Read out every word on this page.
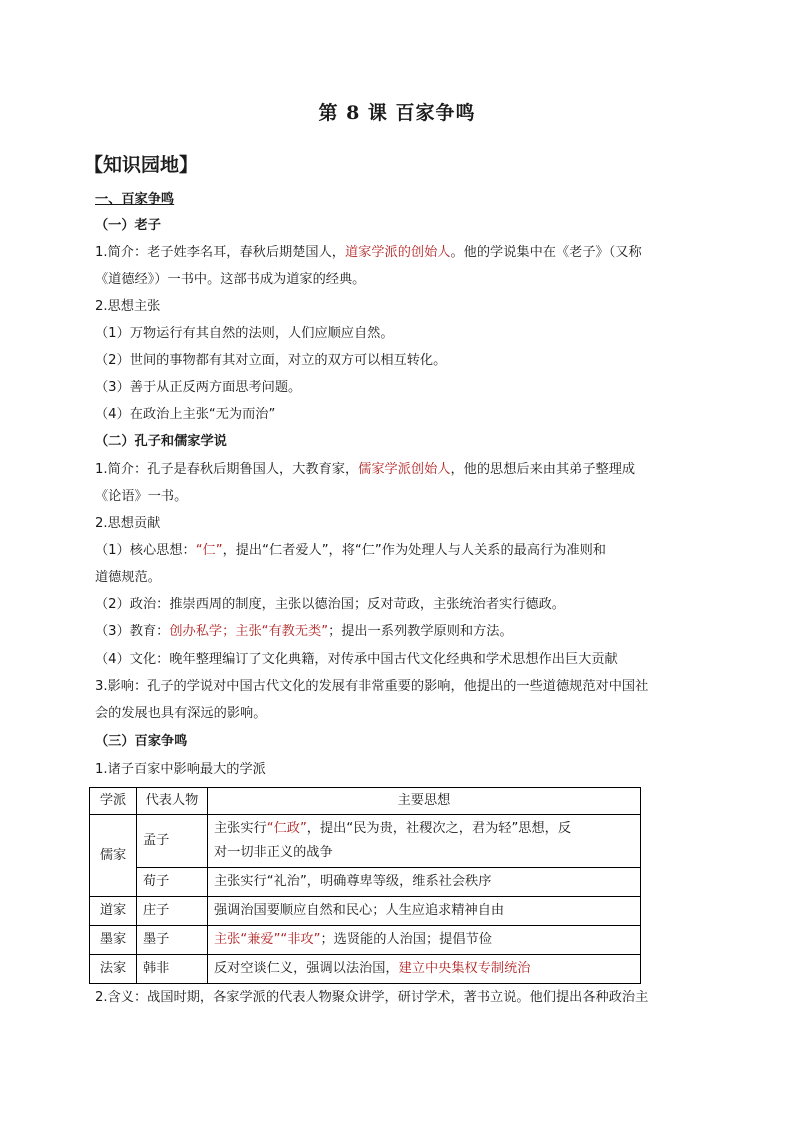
第 8 课 百家争鸣
【知识园地】
一、百家争鸣
（一）老子
1.简介：老子姓李名耳，春秋后期楚国人，道家学派的创始人。他的学说集中在《老子》（又称
《道德经》）一书中。这部书成为道家的经典。
2.思想主张
（1）万物运行有其自然的法则，人们应顺应自然。
（2）世间的事物都有其对立面，对立的双方可以相互转化。
（3）善于从正反两方面思考问题。
（4）在政治上主张“无为而治”
（二）孔子和儒家学说
1.简介：孔子是春秋后期鲁国人，大教育家，儒家学派创始人，他的思想后来由其弟子整理成
《论语》一书。
2.思想贡献
（1）核心思想：“仁”，提出“仁者爱人”，将“仁”作为处理人与人关系的最高行为准则和
道德规范。
（2）政治：推崇西周的制度，主张以德治国；反对苛政，主张统治者实行德政。
（3）教育：创办私学；主张“有教无类”；提出一系列教学原则和方法。
（4）文化：晚年整理编订了文化典籍，对传承中国古代文化经典和学术思想作出巨大贡献
3.影响：孔子的学说对中国古代文化的发展有非常重要的影响，他提出的一些道德规范对中国社
会的发展也具有深远的影响。
（三）百家争鸣
1.诸子百家中影响最大的学派
学派	代表人物	主要思想
儒家	孟子	主张实行“仁政”，提出“民为贵，社稷次之，君为轻”思想，反
对一切非正义的战争
	荀子	主张实行“礼治”，明确尊卑等级，维系社会秩序
道家	庄子	强调治国要顺应自然和民心；人生应追求精神自由
墨家	墨子	主张“兼爱”“非攻”；选贤能的人治国；提倡节俭
法家	韩非	反对空谈仁义，强调以法治国，建立中央集权专制统治
2.含义：战国时期，各家学派的代表人物聚众讲学，研讨学术，著书立说。他们提出各种政治主
